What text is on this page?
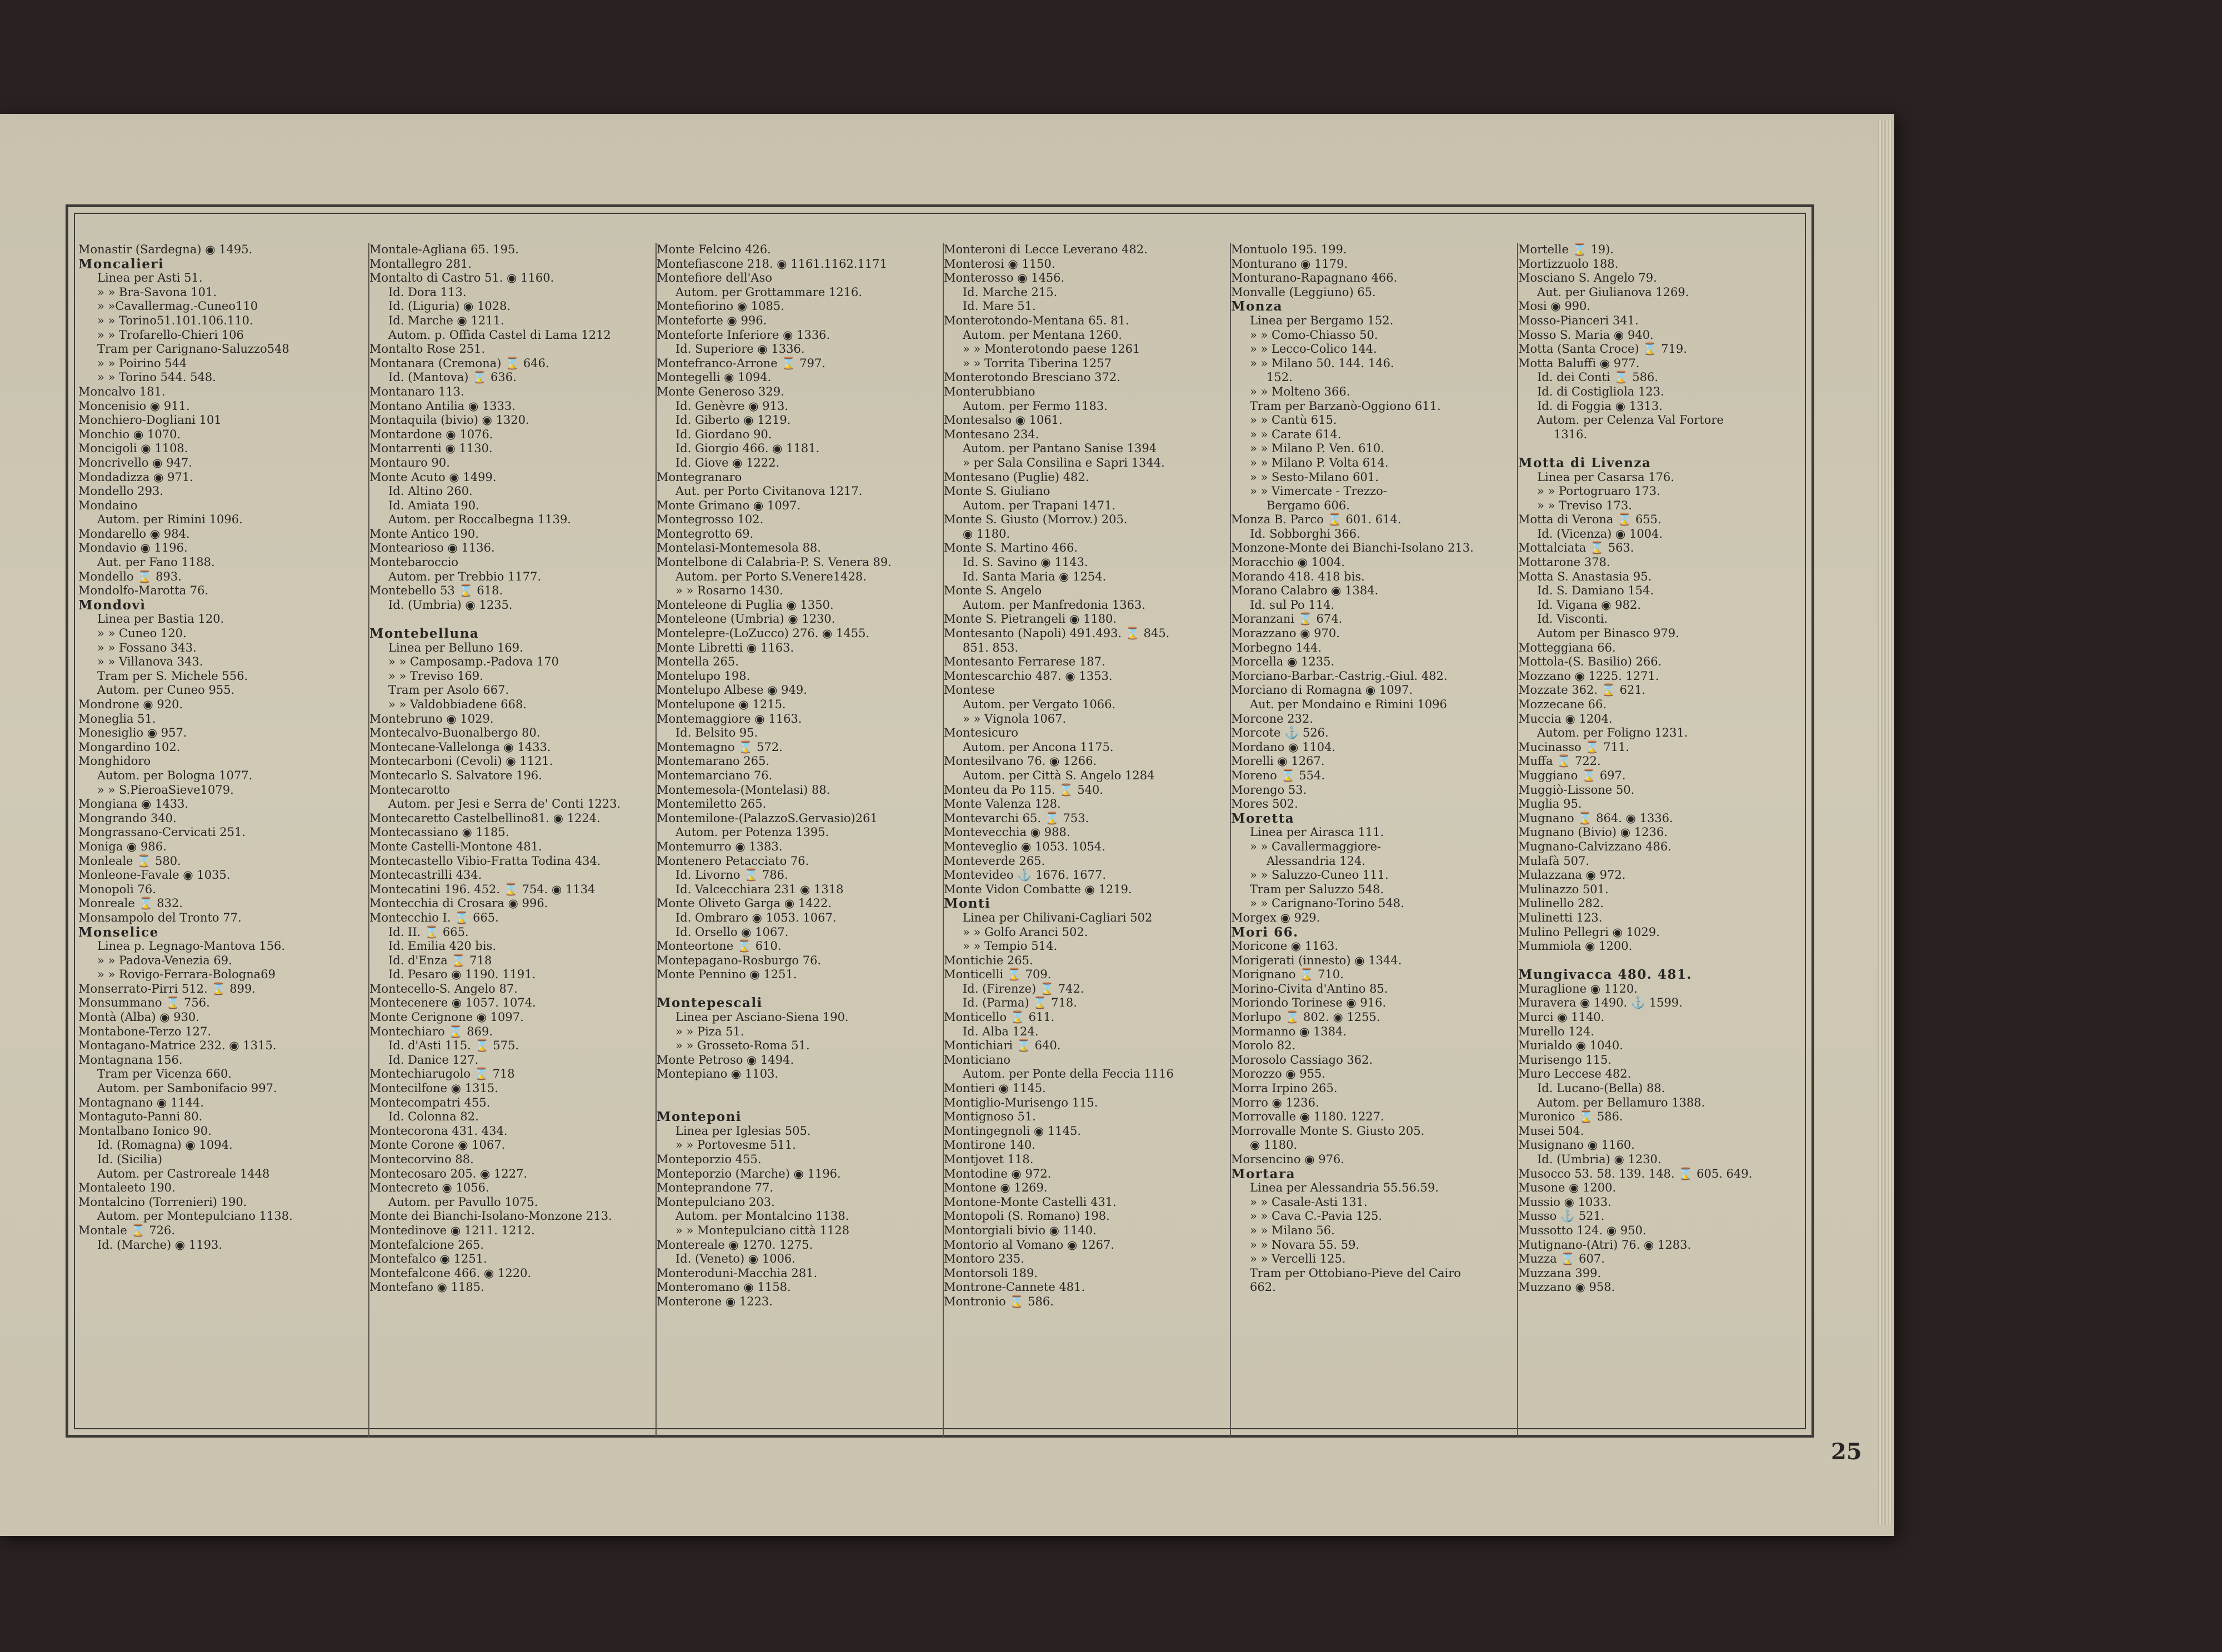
Monastir (Sardegna) ◉ 1495.
Moncalieri
Linea per Asti 51.
» » Bra-Savona 101.
» »Cavallermag.-Cuneo110
» » Torino51.101.106.110.
» » Trofarello-Chieri 106
Tram per Carignano-Saluzzo548
» » Poirino 544
» » Torino 544. 548.
Moncalvo 181.
Moncenisio ◉ 911.
Monchiero-Dogliani 101
Monchio ◉ 1070.
Moncigoli ◉ 1108.
Moncrivello ◉ 947.
Mondadizza ◉ 971.
Mondello 293.
Mondaino
Autom. per Rimini 1096.
Mondarello ◉ 984.
Mondavio ◉ 1196.
Aut. per Fano 1188.
Mondello ⌛ 893.
Mondolfo-Marotta 76.
Mondovì
Linea per Bastia 120.
» » Cuneo 120.
» » Fossano 343.
» » Villanova 343.
Tram per S. Michele 556.
Autom. per Cuneo 955.
Mondrone ◉ 920.
Moneglia 51.
Monesiglio ◉ 957.
Mongardino 102.
Monghidoro
Autom. per Bologna 1077.
» » S.PieroaSieve1079.
Mongiana ◉ 1433.
Mongrando 340.
Mongrassano-Cervicati 251.
Moniga ◉ 986.
Monleale ⌛ 580.
Monleone-Favale ◉ 1035.
Monopoli 76.
Monreale ⌛ 832.
Monsampolo del Tronto 77.
Monselice
Linea p. Legnago-Mantova 156.
» » Padova-Venezia 69.
» » Rovigo-Ferrara-Bologna69
Monserrato-Pirri 512. ⌛ 899.
Monsummano ⌛ 756.
Montà (Alba) ◉ 930.
Montabone-Terzo 127.
Montagano-Matrice 232. ◉ 1315.
Montagnana 156.
Tram per Vicenza 660.
Autom. per Sambonifacio 997.
Montagnano ◉ 1144.
Montaguto-Panni 80.
Montalbano Ionico 90.
Id. (Romagna) ◉ 1094.
Id. (Sicilia)
Autom. per Castroreale 1448
Montaleeto 190.
Montalcino (Torrenieri) 190.
Autom. per Montepulciano 1138.
Montale ⌛ 726.
Id. (Marche) ◉ 1193.
Montale-Agliana 65. 195.
Montallegro 281.
Montalto di Castro 51. ◉ 1160.
Id. Dora 113.
Id. (Liguria) ◉ 1028.
Id. Marche ◉ 1211.
Autom. p. Offida Castel di Lama 1212
Montalto Rose 251.
Montanara (Cremona) ⌛ 646.
Id. (Mantova) ⌛ 636.
Montanaro 113.
Montano Antilia ◉ 1333.
Montaquila (bivio) ◉ 1320.
Montardone ◉ 1076.
Montarrenti ◉ 1130.
Montauro 90.
Monte Acuto ◉ 1499.
Id. Altino 260.
Id. Amiata 190.
Autom. per Roccalbegna 1139.
Monte Antico 190.
Montearioso ◉ 1136.
Montebaroccio
Autom. per Trebbio 1177.
Montebello 53 ⌛ 618.
Id. (Umbria) ◉ 1235.
Montebelluna
Linea per Belluno 169.
» » Camposamp.-Padova 170
» » Treviso 169.
Tram per Asolo 667.
» » Valdobbiadene 668.
Montebruno ◉ 1029.
Montecalvo-Buonalbergo 80.
Montecane-Vallelonga ◉ 1433.
Montecarboni (Cevoli) ◉ 1121.
Montecarlo S. Salvatore 196.
Montecarotto
Autom. per Jesi e Serra de' Conti 1223.
Montecaretto Castelbellino81. ◉ 1224.
Montecassiano ◉ 1185.
Monte Castelli-Montone 481.
Montecastello Vibio-Fratta Todina 434.
Montecastrilli 434.
Montecatini 196. 452. ⌛ 754. ◉ 1134
Montecchia di Crosara ◉ 996.
Montecchio I. ⌛ 665.
Id. II. ⌛ 665.
Id. Emilia 420 bis.
Id. d'Enza ⌛ 718
Id. Pesaro ◉ 1190. 1191.
Montecello-S. Angelo 87.
Montecenere ◉ 1057. 1074.
Monte Cerignone ◉ 1097.
Montechiaro ⌛ 869.
Id. d'Asti 115. ⌛ 575.
Id. Danice 127.
Montechiarugolo ⌛ 718
Montecilfone ◉ 1315.
Montecompatri 455.
Id. Colonna 82.
Montecorona 431. 434.
Monte Corone ◉ 1067.
Montecorvino 88.
Montecosaro 205. ◉ 1227.
Montecreto ◉ 1056.
Autom. per Pavullo 1075.
Monte dei Bianchi-Isolano-Monzone 213.
Montedinove ◉ 1211. 1212.
Montefalcione 265.
Montefalco ◉ 1251.
Montefalcone 466. ◉ 1220.
Montefano ◉ 1185.
Monte Felcino 426.
Montefiascone 218. ◉ 1161.1162.1171
Montefiore dell'Aso
Autom. per Grottammare 1216.
Montefiorino ◉ 1085.
Monteforte ◉ 996.
Monteforte Inferiore ◉ 1336.
Id. Superiore ◉ 1336.
Montefranco-Arrone ⌛ 797.
Montegelli ◉ 1094.
Monte Generoso 329.
Id. Genèvre ◉ 913.
Id. Giberto ◉ 1219.
Id. Giordano 90.
Id. Giorgio 466. ◉ 1181.
Id. Giove ◉ 1222.
Montegranaro
Aut. per Porto Civitanova 1217.
Monte Grimano ◉ 1097.
Montegrosso 102.
Montegrotto 69.
Montelasi-Montemesola 88.
Montelbone di Calabria-P. S. Venera 89.
Autom. per Porto S.Venere1428.
» » Rosarno 1430.
Monteleone di Puglia ◉ 1350.
Monteleone (Umbria) ◉ 1230.
Montelepre-(LoZucco) 276. ◉ 1455.
Monte Libretti ◉ 1163.
Montella 265.
Montelupo 198.
Montelupo Albese ◉ 949.
Montelupone ◉ 1215.
Montemaggiore ◉ 1163.
Id. Belsito 95.
Montemagno ⌛ 572.
Montemarano 265.
Montemarciano 76.
Montemesola-(Montelasi) 88.
Montemiletto 265.
Montemilone-(PalazzoS.Gervasio)261
Autom. per Potenza 1395.
Montemurro ◉ 1383.
Montenero Petacciato 76.
Id. Livorno ⌛ 786.
Id. Valcecchiara 231 ◉ 1318
Monte Oliveto Garga ◉ 1422.
Id. Ombraro ◉ 1053. 1067.
Id. Orsello ◉ 1067.
Monteortone ⌛ 610.
Montepagano-Rosburgo 76.
Monte Pennino ◉ 1251.
Montepescali
Linea per Asciano-Siena 190.
» » Piza 51.
» » Grosseto-Roma 51.
Monte Petroso ◉ 1494.
Montepiano ◉ 1103.
Monteponi
Linea per Iglesias 505.
» » Portovesme 511.
Monteporzio 455.
Monteporzio (Marche) ◉ 1196.
Monteprandone 77.
Montepulciano 203.
Autom. per Montalcino 1138.
» » Montepulciano città 1128
Montereale ◉ 1270. 1275.
Id. (Veneto) ◉ 1006.
Monteroduni-Macchia 281.
Monteromano ◉ 1158.
Monterone ◉ 1223.
Monteroni di Lecce Leverano 482.
Monterosi ◉ 1150.
Monterosso ◉ 1456.
Id. Marche 215.
Id. Mare 51.
Monterotondo-Mentana 65. 81.
Autom. per Mentana 1260.
» » Monterotondo paese 1261
» » Torrita Tiberina 1257
Monterotondo Bresciano 372.
Monterubbiano
Autom. per Fermo 1183.
Montesalso ◉ 1061.
Montesano 234.
Autom. per Pantano Sanise 1394
» per Sala Consilina e Sapri 1344.
Montesano (Puglie) 482.
Monte S. Giuliano
Autom. per Trapani 1471.
Monte S. Giusto (Morrov.) 205.
◉ 1180.
Monte S. Martino 466.
Id. S. Savino ◉ 1143.
Id. Santa Maria ◉ 1254.
Monte S. Angelo
Autom. per Manfredonia 1363.
Monte S. Pietrangeli ◉ 1180.
Montesanto (Napoli) 491.493. ⌛ 845.
851. 853.
Montesanto Ferrarese 187.
Montescarchio 487. ◉ 1353.
Montese
Autom. per Vergato 1066.
» » Vignola 1067.
Montesicuro
Autom. per Ancona 1175.
Montesilvano 76. ◉ 1266.
Autom. per Città S. Angelo 1284
Monteu da Po 115. ⌛ 540.
Monte Valenza 128.
Montevarchi 65. ⌛ 753.
Montevecchia ◉ 988.
Monteveglio ◉ 1053. 1054.
Monteverde 265.
Montevideo ⚓ 1676. 1677.
Monte Vidon Combatte ◉ 1219.
Monti
Linea per Chilivani-Cagliari 502
» » Golfo Aranci 502.
» » Tempio 514.
Montichie 265.
Monticelli ⌛ 709.
Id. (Firenze) ⌛ 742.
Id. (Parma) ⌛ 718.
Monticello ⌛ 611.
Id. Alba 124.
Montichiari ⌛ 640.
Monticiano
Autom. per Ponte della Feccia 1116
Montieri ◉ 1145.
Montiglio-Murisengo 115.
Montignoso 51.
Montingegnoli ◉ 1145.
Montirone 140.
Montjovet 118.
Montodine ◉ 972.
Montone ◉ 1269.
Montone-Monte Castelli 431.
Montopoli (S. Romano) 198.
Montorgiali bivio ◉ 1140.
Montorio al Vomano ◉ 1267.
Montoro 235.
Montorsoli 189.
Montrone-Cannete 481.
Montronio ⌛ 586.
Montuolo 195. 199.
Monturano ◉ 1179.
Monturano-Rapagnano 466.
Monvalle (Leggiuno) 65.
Monza
Linea per Bergamo 152.
» » Como-Chiasso 50.
» » Lecco-Colico 144.
» » Milano 50. 144. 146.
152.
» » Molteno 366.
Tram per Barzanò-Oggiono 611.
» » Cantù 615.
» » Carate 614.
» » Milano P. Ven. 610.
» » Milano P. Volta 614.
» » Sesto-Milano 601.
» » Vimercate - Trezzo-
Bergamo 606.
Monza B. Parco ⌛ 601. 614.
Id. Sobborghi 366.
Monzone-Monte dei Bianchi-Isolano 213.
Moracchio ◉ 1004.
Morando 418. 418 bis.
Morano Calabro ◉ 1384.
Id. sul Po 114.
Moranzani ⌛ 674.
Morazzano ◉ 970.
Morbegno 144.
Morcella ◉ 1235.
Morciano-Barbar.-Castrig.-Giul. 482.
Morciano di Romagna ◉ 1097.
Aut. per Mondaino e Rimini 1096
Morcone 232.
Morcote ⚓ 526.
Mordano ◉ 1104.
Morelli ◉ 1267.
Moreno ⌛ 554.
Morengo 53.
Mores 502.
Moretta
Linea per Airasca 111.
» » Cavallermaggiore-
Alessandria 124.
» » Saluzzo-Cuneo 111.
Tram per Saluzzo 548.
» » Carignano-Torino 548.
Morgex ◉ 929.
Mori 66.
Moricone ◉ 1163.
Morigerati (innesto) ◉ 1344.
Morignano ⌛ 710.
Morino-Civita d'Antino 85.
Moriondo Torinese ◉ 916.
Morlupo ⌛ 802. ◉ 1255.
Mormanno ◉ 1384.
Morolo 82.
Morosolo Cassiago 362.
Morozzo ◉ 955.
Morra Irpino 265.
Morro ◉ 1236.
Morrovalle ◉ 1180. 1227.
Morrovalle Monte S. Giusto 205.
◉ 1180.
Morsencino ◉ 976.
Mortara
Linea per Alessandria 55.56.59.
» » Casale-Asti 131.
» » Cava C.-Pavia 125.
» » Milano 56.
» » Novara 55. 59.
» » Vercelli 125.
Tram per Ottobiano-Pieve del Cairo
662.
Mortelle ⌛ 19).
Mortizzuolo 188.
Mosciano S. Angelo 79.
Aut. per Giulianova 1269.
Mosi ◉ 990.
Mosso-Pianceri 341.
Mosso S. Maria ◉ 940.
Motta (Santa Croce) ⌛ 719.
Motta Baluffi ◉ 977.
Id. dei Conti ⌛ 586.
Id. di Costigliola 123.
Id. di Foggia ◉ 1313.
Autom. per Celenza Val Fortore
1316.
Motta di Livenza
Linea per Casarsa 176.
» » Portogruaro 173.
» » Treviso 173.
Motta di Verona ⌛ 655.
Id. (Vicenza) ◉ 1004.
Mottalciata ⌛ 563.
Mottarone 378.
Motta S. Anastasia 95.
Id. S. Damiano 154.
Id. Vigana ◉ 982.
Id. Visconti.
Autom per Binasco 979.
Motteggiana 66.
Mottola-(S. Basilio) 266.
Mozzano ◉ 1225. 1271.
Mozzate 362. ⌛ 621.
Mozzecane 66.
Muccia ◉ 1204.
Autom. per Foligno 1231.
Mucinasso ⌛ 711.
Muffa ⌛ 722.
Muggiano ⌛ 697.
Muggiò-Lissone 50.
Muglia 95.
Mugnano ⌛ 864. ◉ 1336.
Mugnano (Bivio) ◉ 1236.
Mugnano-Calvizzano 486.
Mulafà 507.
Mulazzana ◉ 972.
Mulinazzo 501.
Mulinello 282.
Mulinetti 123.
Mulino Pellegri ◉ 1029.
Mummiola ◉ 1200.
Mungivacca 480. 481.
Muraglione ◉ 1120.
Muravera ◉ 1490. ⚓ 1599.
Murci ◉ 1140.
Murello 124.
Murialdo ◉ 1040.
Murisengo 115.
Muro Leccese 482.
Id. Lucano-(Bella) 88.
Autom. per Bellamuro 1388.
Muronico ⌛ 586.
Musei 504.
Musignano ◉ 1160.
Id. (Umbria) ◉ 1230.
Musocco 53. 58. 139. 148. ⌛ 605. 649.
Musone ◉ 1200.
Mussio ◉ 1033.
Musso ⚓ 521.
Mussotto 124. ◉ 950.
Mutignano-(Atri) 76. ◉ 1283.
Muzza ⌛ 607.
Muzzana 399.
Muzzano ◉ 958.
25
